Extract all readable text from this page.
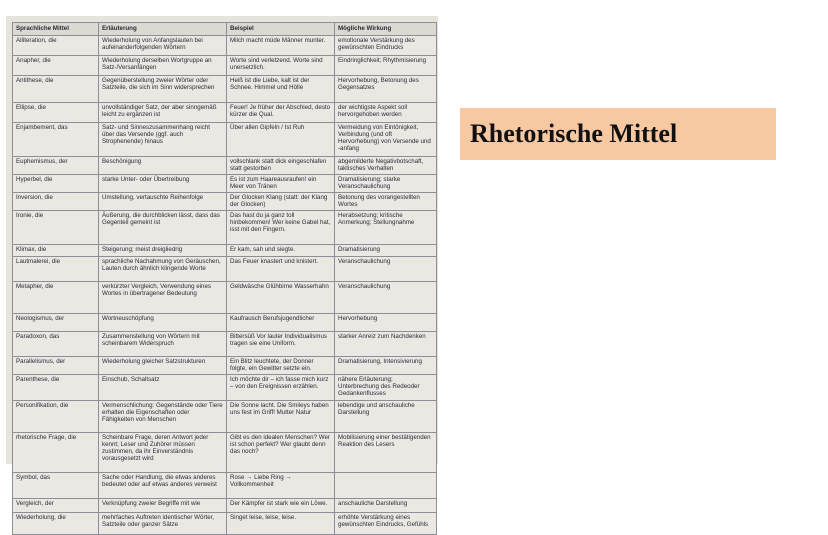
Sprachliche Mittel	Erläuterung	Beispiel	Mögliche Wirkung
Alliteration, die	Wiederholung von Anfangslauten bei aufeinanderfolgenden Wörtern	Milch macht müde Männer munter.	emotionale Verstärkung des gewünschten Eindrucks
Anapher, die	Wiederholung derselben Wortgruppe an Satz-/Versanfängen	Worte sind verletzend. Worte sind unersetzlich.	Eindringlichkeit; Rhythmisierung
Antithese, die	Gegenüberstellung zweier Wörter oder Satzteile, die sich im Sinn widersprechen	Heiß ist die Liebe, kalt ist der Schnee. Himmel und Hölle	Hervorhebung, Betonung des Gegensatzes
Ellipse, die	unvollständiger Satz, der aber sinngemäß leicht zu ergänzen ist	Feuer! Je früher der Abschied, desto kürzer die Qual.	der wichtigste Aspekt soll hervorgehoben werden
Enjambement, das	Satz- und Sinneszusammenhang reicht über das Versende (ggf. auch Strophenende) hinaus	Über allen Gipfeln / Ist Ruh	Vermeidung von Eintönigkeit, Verbindung (und oft Hervorhebung) von Versende und -anfang
Euphemismus, der	Beschönigung	vollschlank statt dick eingeschlafen statt gestorben	abgemilderte Negativbotschaft, taktisches Verhalten
Hyperbel, die	starke Unter- oder Übertreibung	Es ist zum Haareausraufen! ein Meer von Tränen	Dramatisierung; starke Veranschaulichung
Inversion, die	Umstellung, vertauschte Reihenfolge	Der Glocken Klang (statt: der Klang der Glocken)	Betonung des vorangestellten Wortes
Ironie, die	Äußerung, die durchblicken lässt, dass das Gegenteil gemeint ist	Das hast du ja ganz toll hinbekommen! Wer keine Gabel hat, isst mit den Fingern.	Herabsetzung; kritische Anmerkung; Stellungnahme
Klimax, die	Steigerung; meist dreigliedrig	Er kam, sah und siegte.	Dramatisierung
Lautmalerei, die	sprachliche Nachahmung von Geräuschen, Lauten durch ähnlich klingende Worte	Das Feuer knastert und knistert.	Veranschaulichung
Metapher, die	verkürzter Vergleich, Verwendung eines Wortes in übertragener Bedeutung	Geldwäsche Glühbirne Wasserhahn	Veranschaulichung
Neologismus, der	Wortneuschöpfung	Kaufrausch Berufsjugendlicher	Hervorhebung
Paradoxon, das	Zusammenstellung von Wörtern mit scheinbarem Widerspruch	Bittersüß Vor lauter Individualismus tragen sie eine Uniform.	starker Anreiz zum Nachdenken
Parallelismus, der	Wiederholung gleicher Satzstrukturen	Ein Blitz leuchtete, der Donner folgte, ein Gewitter setzte ein.	Dramatisierung, Intensivierung
Parenthese, die	Einschub, Schaltsatz	Ich möchte dir – ich fasse mich kurz – von den Ereignissen erzählen.	nähere Erläuterung; Unterbrechung des Redeoder Gedankenflusses
Personifikation, die	Vermenschlichung: Gegenstände oder Tiere erhalten die Eigenschaften oder Fähigkeiten von Menschen	Die Sonne lacht. Die Smileys haben uns fest im Griff! Mutter Natur	lebendige und anschauliche Darstellung
rhetorische Frage, die	Scheinbare Frage, deren Antwort jeder kennt; Leser und Zuhörer müssen zustimmen, da ihr Einverständnis vorausgesetzt wird	Gibt es den idealen Menschen? Wer ist schon perfekt? Wer glaubt denn das noch?	Mobilisierung einer bestätigenden Reaktion des Lesers
Symbol, das	Sache oder Handlung, die etwas anderes bedeutet oder auf etwas anderes verweist	Rose → Liebe Ring → Vollkommenheit	
Vergleich, der	Verknüpfung zweier Begriffe mit wie	Der Kämpfer ist stark wie ein Löwe.	anschauliche Darstellung
Wiederholung, die	mehrfaches Auftreten identischer Wörter, Satzteile oder ganzer Sätze	Singet leise, leise, leise.	erhöhte Verstärkung eines gewünschten Eindrucks, Gefühls
Rhetorische Mittel
